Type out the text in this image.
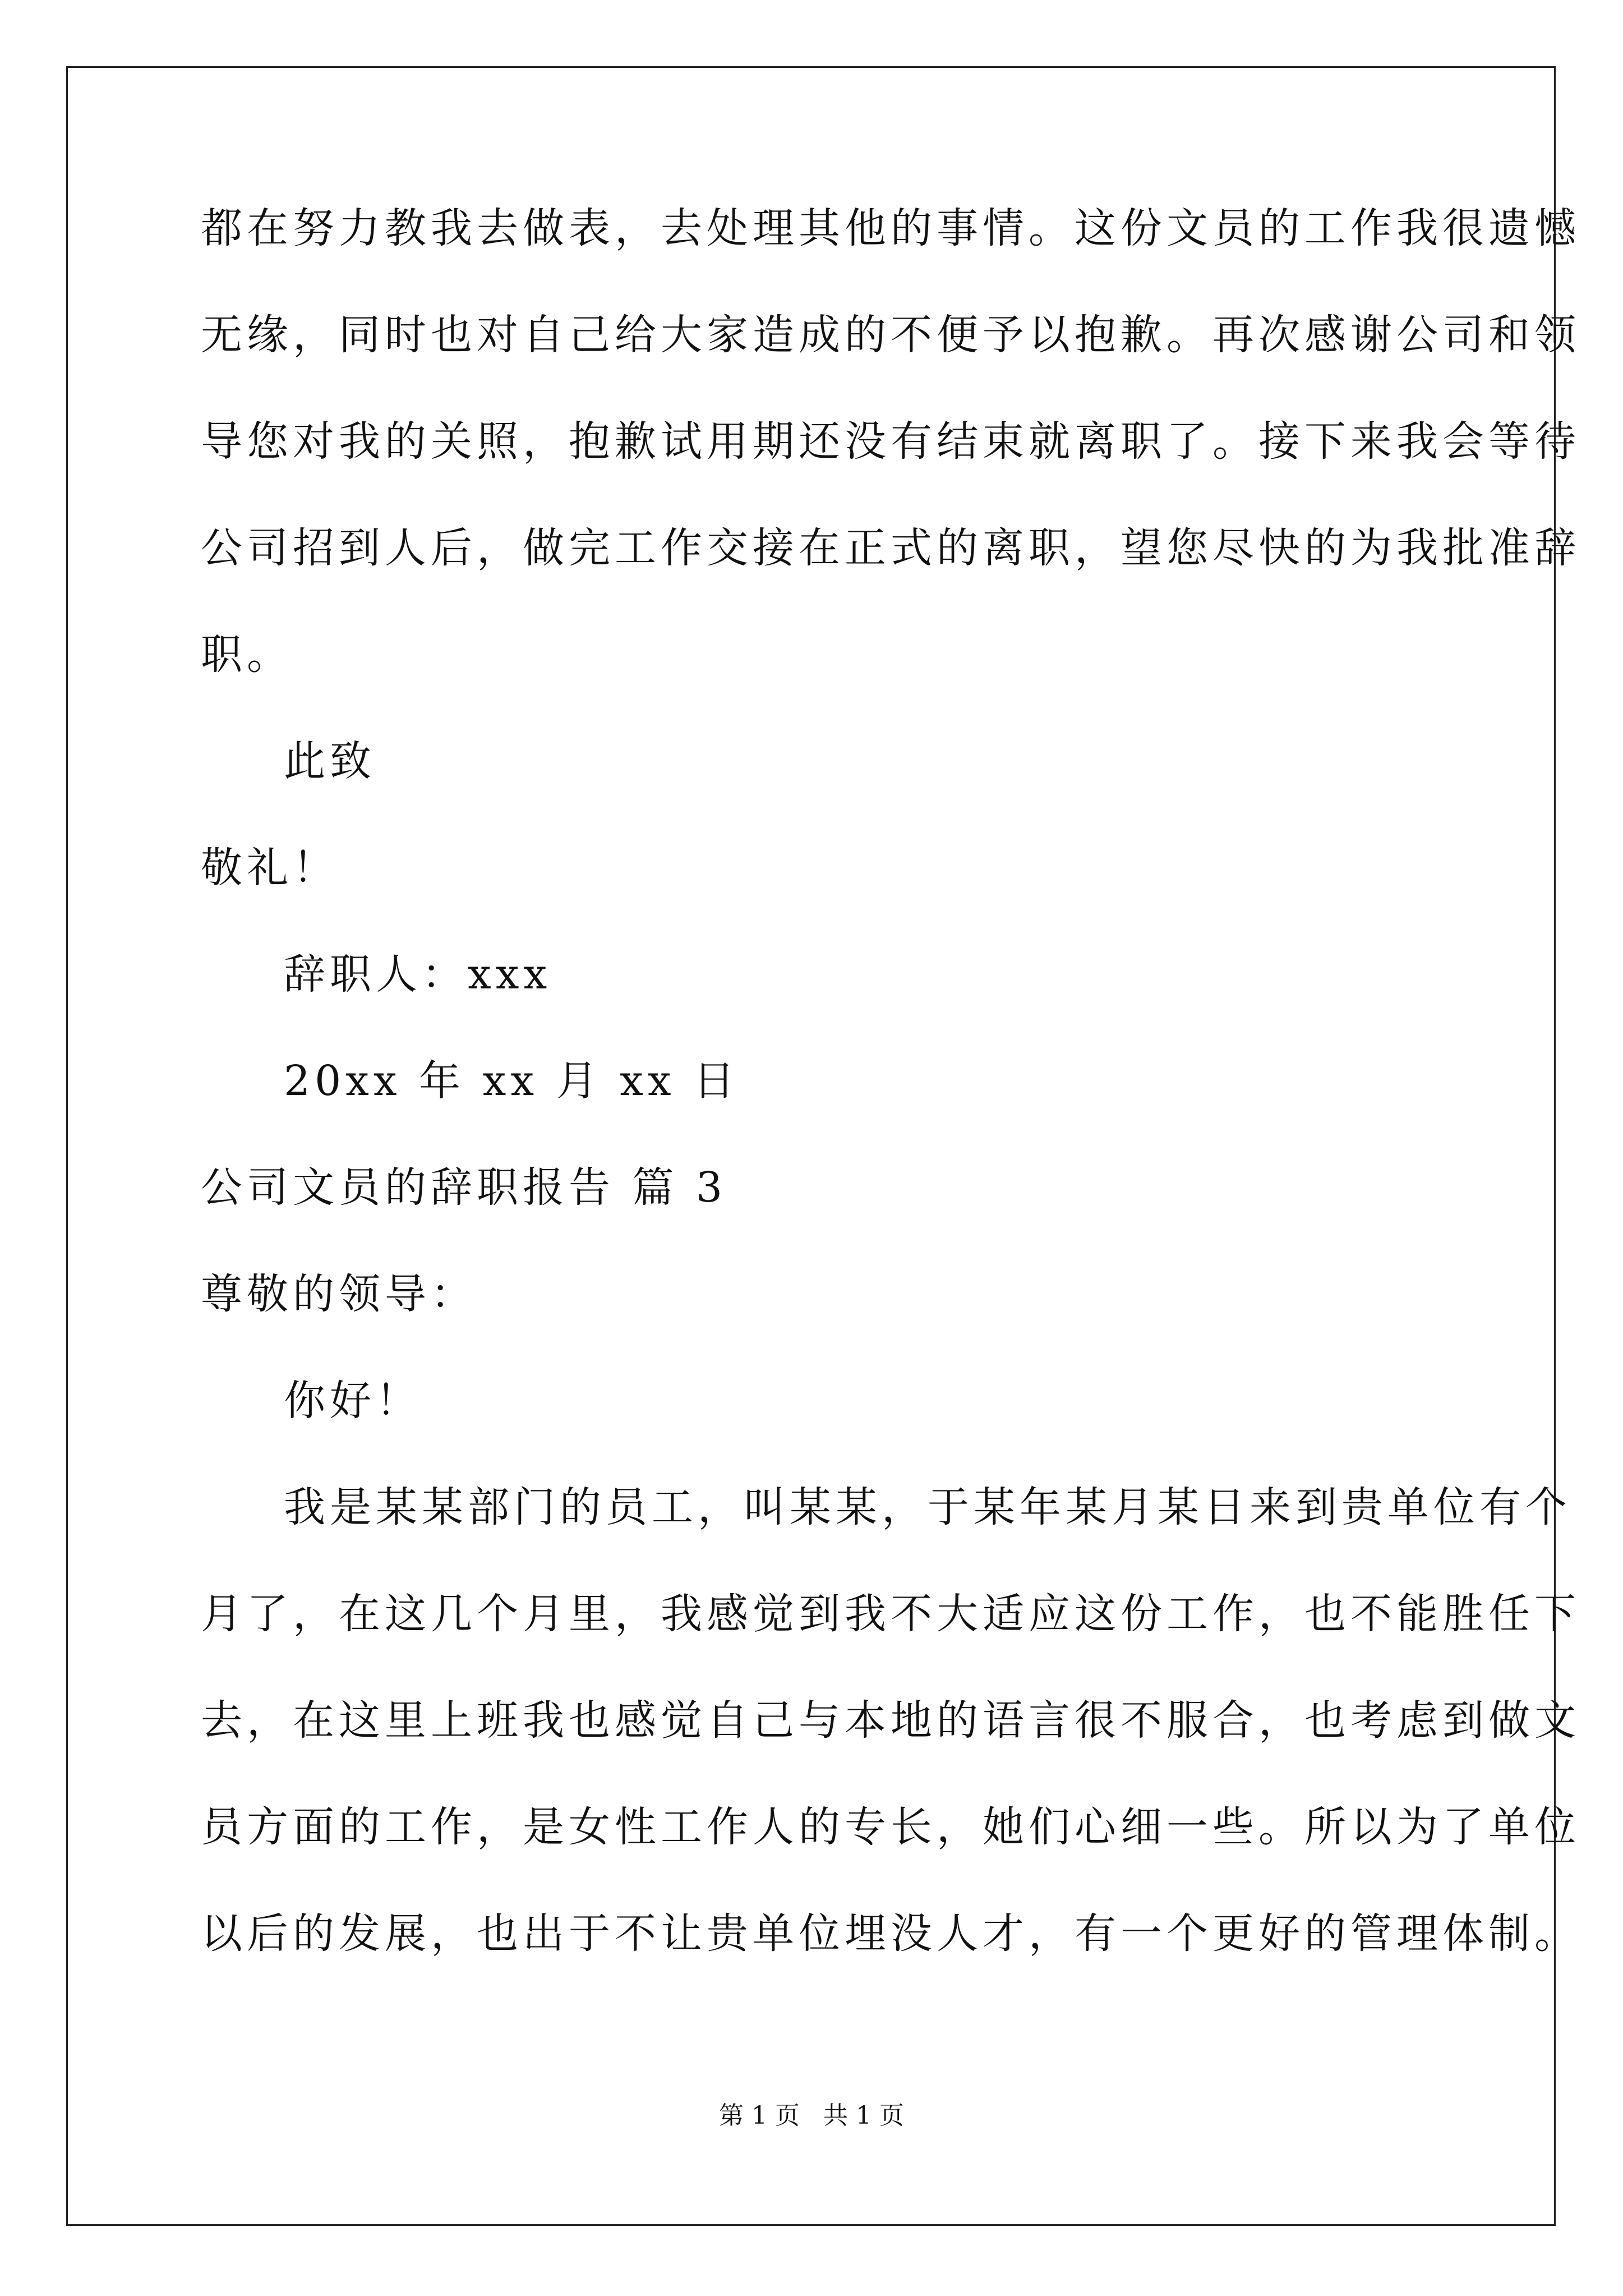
都在努力教我去做表，去处理其他的事情。这份文员的工作我很遗憾
无缘，同时也对自己给大家造成的不便予以抱歉。再次感谢公司和领
导您对我的关照，抱歉试用期还没有结束就离职了。接下来我会等待
公司招到人后，做完工作交接在正式的离职，望您尽快的为我批准辞
职。
此致
敬礼！
辞职人：xxx
20xx 年 xx 月 xx 日
公司文员的辞职报告 篇 3
尊敬的领导：
你好！
我是某某部门的员工，叫某某，于某年某月某日来到贵单位有个
月了，在这几个月里，我感觉到我不大适应这份工作，也不能胜任下
去，在这里上班我也感觉自己与本地的语言很不服合，也考虑到做文
员方面的工作，是女性工作人的专长，她们心细一些。所以为了单位
以后的发展，也出于不让贵单位埋没人才，有一个更好的管理体制。
第 1 页   共 1 页
